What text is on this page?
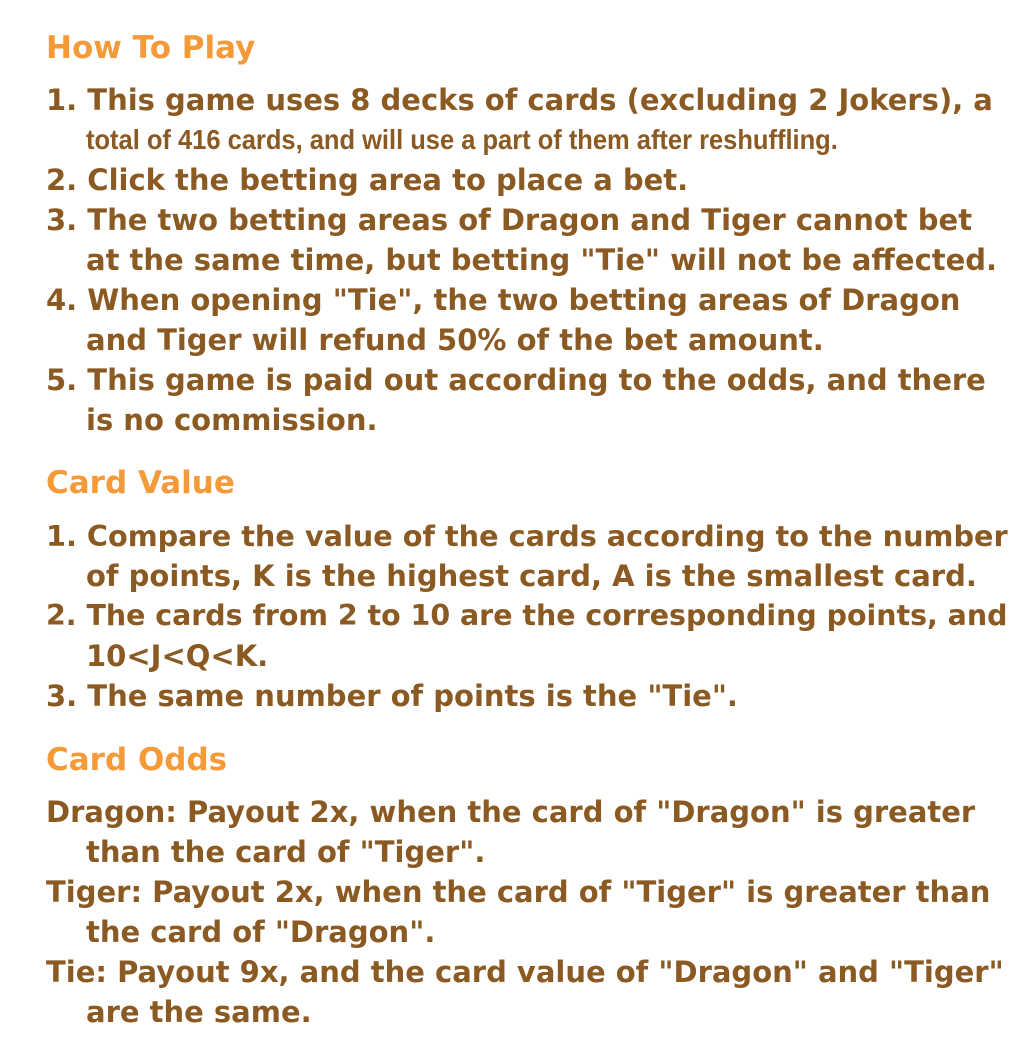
How To Play

1. This game uses 8 decks of cards (excluding 2 Jokers), a

total of 416 cards, and will use a part of them after reshuffling.

2. Click the betting area to place a bet.

3. The two betting areas of Dragon and Tiger cannot bet

at the same time, but betting "Tie" will not be affected.

4. When opening "Tie", the two betting areas of Dragon

and Tiger will refund 50% of the bet amount.

5. This game is paid out according to the odds, and there

is no commission.

Card Value

1. Compare the value of the cards according to the number

of points, K is the highest card, A is the smallest card.

2. The cards from 2 to 10 are the corresponding points, and

10<J<Q<K.

3. The same number of points is the "Tie".

Card Odds

Dragon: Payout 2x, when the card of "Dragon" is greater

than the card of "Tiger".

Tiger: Payout 2x, when the card of "Tiger" is greater than

the card of "Dragon".

Tie: Payout 9x, and the card value of "Dragon" and "Tiger"

are the same.
